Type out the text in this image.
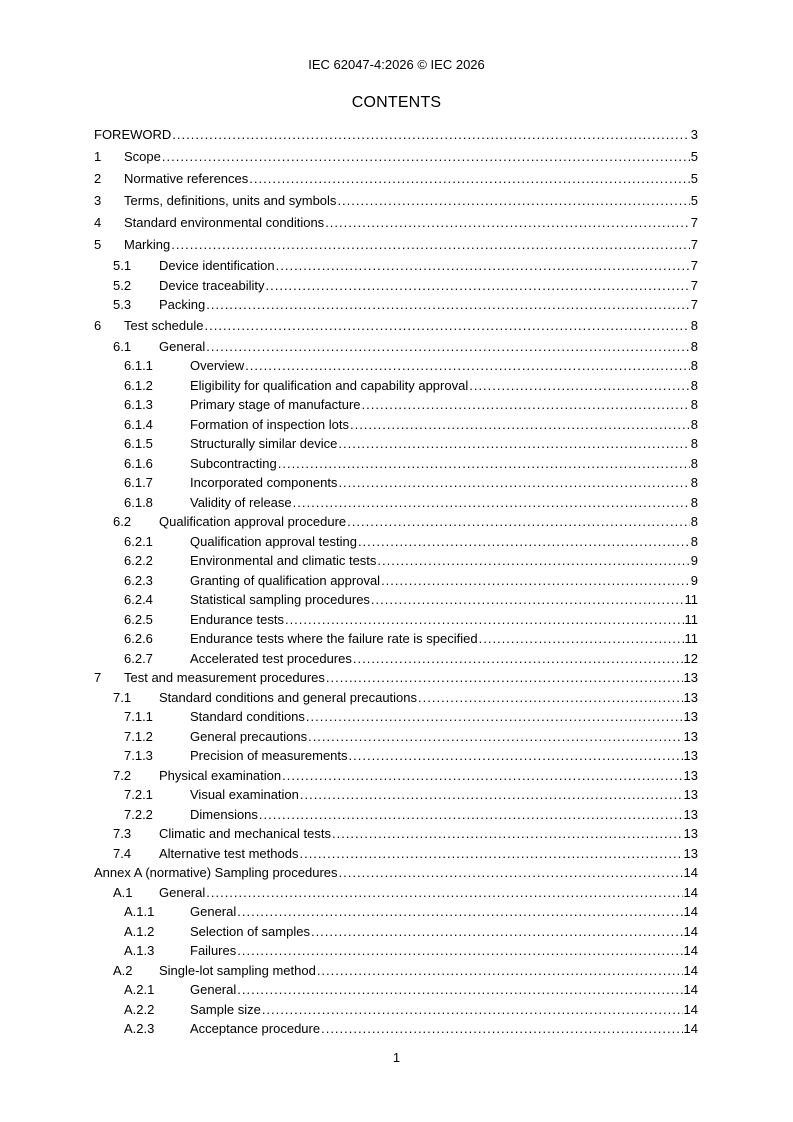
IEC 62047-4:2026 © IEC 2026
CONTENTS
FOREWORD .....	3
1	Scope .....	5
2	Normative references .....	5
3	Terms, definitions, units and symbols .....	5
4	Standard environmental conditions .....	7
5	Marking .....	7
5.1	Device identification .....	7
5.2	Device traceability .....	7
5.3	Packing .....	7
6	Test schedule .....	8
6.1	General .....	8
6.1.1	Overview .....	8
6.1.2	Eligibility for qualification and capability approval .....	8
6.1.3	Primary stage of manufacture .....	8
6.1.4	Formation of inspection lots .....	8
6.1.5	Structurally similar device .....	8
6.1.6	Subcontracting .....	8
6.1.7	Incorporated components .....	8
6.1.8	Validity of release .....	8
6.2	Qualification approval procedure .....	8
6.2.1	Qualification approval testing .....	8
6.2.2	Environmental and climatic tests .....	9
6.2.3	Granting of qualification approval .....	9
6.2.4	Statistical sampling procedures .....	11
6.2.5	Endurance tests .....	11
6.2.6	Endurance tests where the failure rate is specified .....	11
6.2.7	Accelerated test procedures .....	12
7	Test and measurement procedures .....	13
7.1	Standard conditions and general precautions .....	13
7.1.1	Standard conditions .....	13
7.1.2	General precautions .....	13
7.1.3	Precision of measurements .....	13
7.2	Physical examination .....	13
7.2.1	Visual examination .....	13
7.2.2	Dimensions .....	13
7.3	Climatic and mechanical tests .....	13
7.4	Alternative test methods .....	13
Annex A (normative) Sampling procedures .....	14
A.1	General .....	14
A.1.1	General .....	14
A.1.2	Selection of samples .....	14
A.1.3	Failures .....	14
A.2	Single-lot sampling method .....	14
A.2.1	General .....	14
A.2.2	Sample size .....	14
A.2.3	Acceptance procedure .....	14
1
